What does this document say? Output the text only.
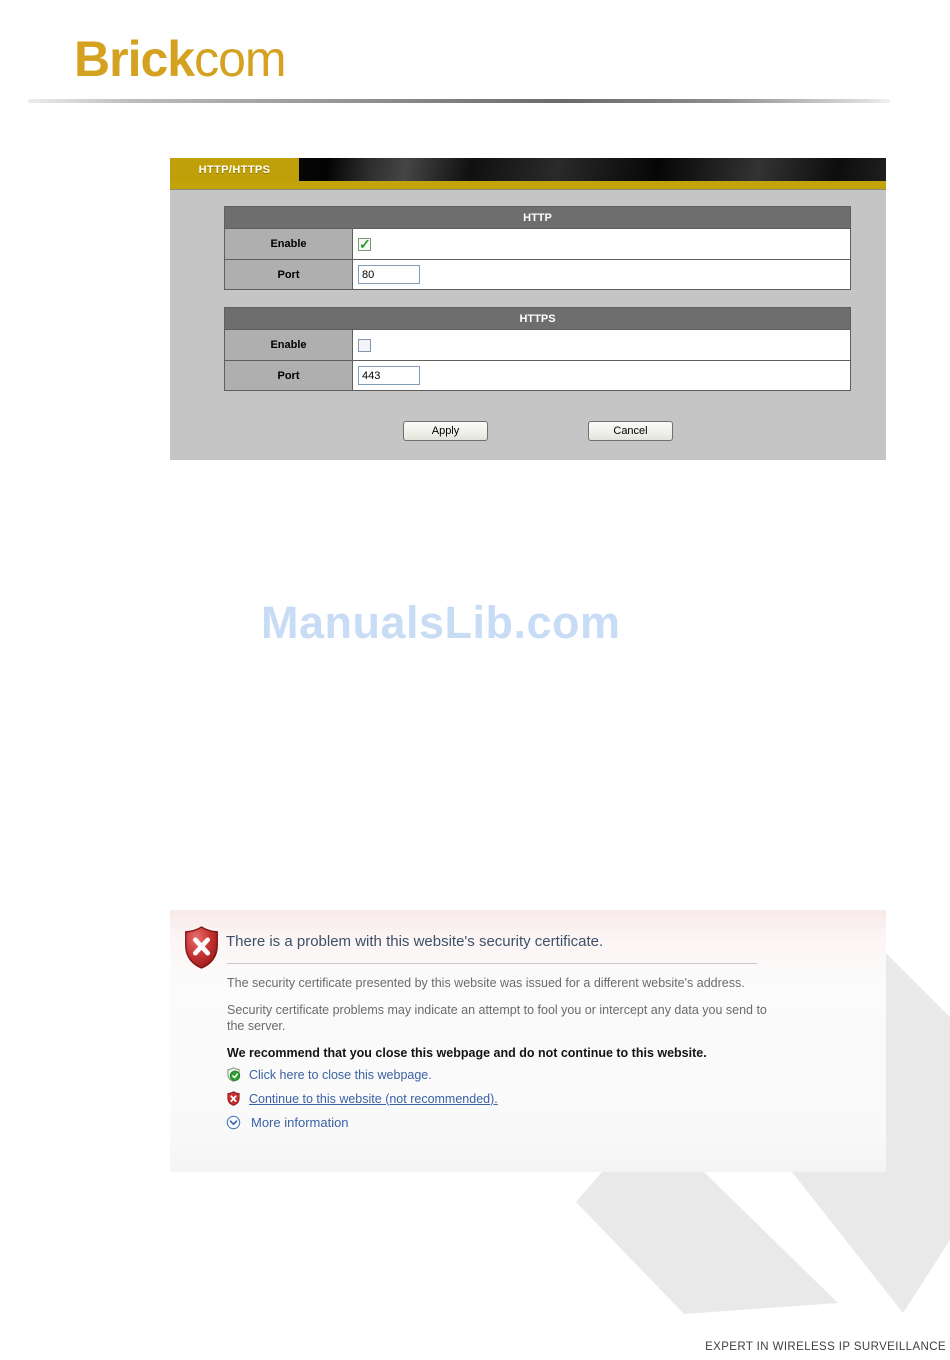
Brickcom
HTTP/HTTPS
HTTP	
Enable	✓
Port	80
HTTPS	
Enable	
Port	443
Apply	Cancel
ManualsLib.com
There is a problem with this website's security certificate.
The security certificate presented by this website was issued for a different website's address.
Security certificate problems may indicate an attempt to fool you or intercept any data you send to the server.
We recommend that you close this webpage and do not continue to this website.
Click here to close this webpage.
Continue to this website (not recommended).
More information
EXPERT IN WIRELESS IP SURVEILLANCE
